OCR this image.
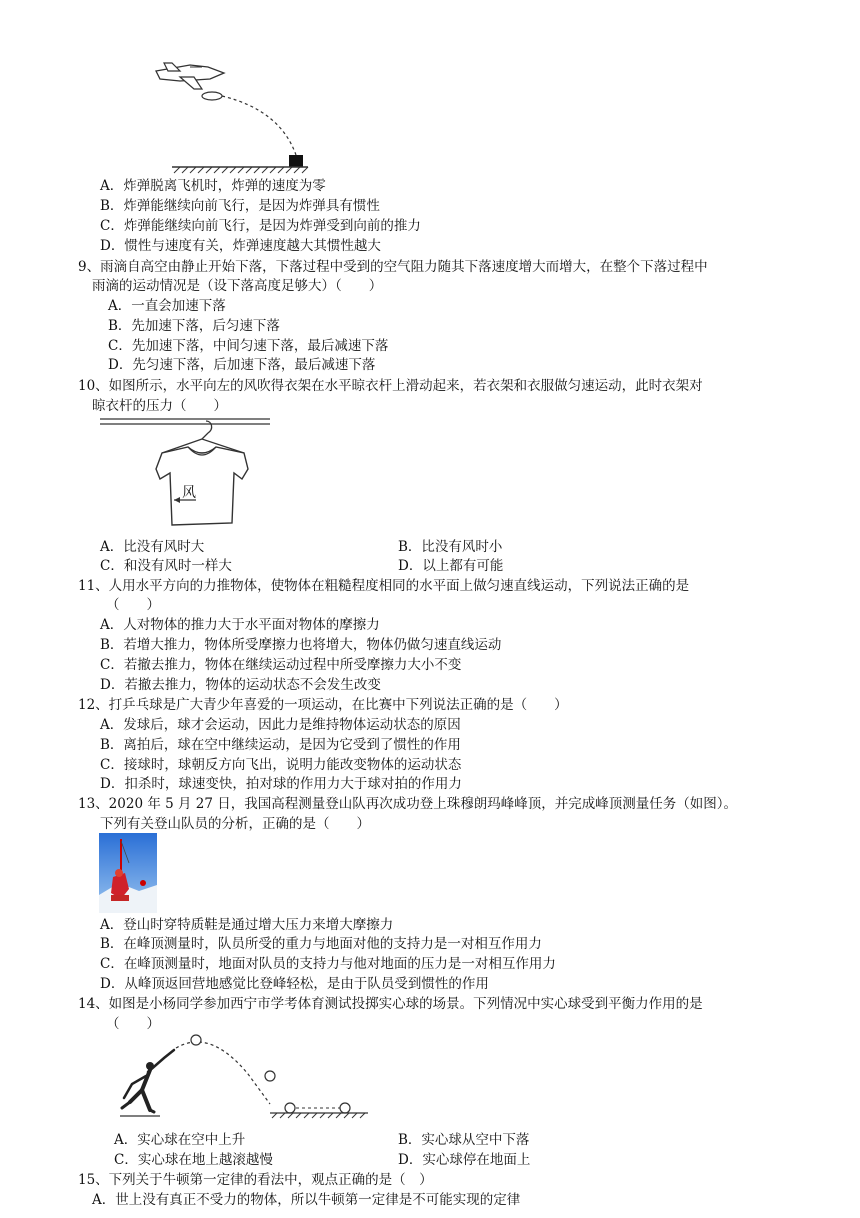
A．炸弹脱离飞机时，炸弹的速度为零
B．炸弹能继续向前飞行，是因为炸弹具有惯性
C．炸弹能继续向前飞行，是因为炸弹受到向前的推力
D．惯性与速度有关，炸弹速度越大其惯性越大
9、雨滴自高空由静止开始下落，下落过程中受到的空气阻力随其下落速度增大而增大，在整个下落过程中
雨滴的运动情况是（设下落高度足够大）（　　）
A．一直会加速下落
B．先加速下落，后匀速下落
C．先加速下落，中间匀速下落，最后减速下落
D．先匀速下落，后加速下落，最后减速下落
10、如图所示，水平向左的风吹得衣架在水平晾衣杆上滑动起来，若衣架和衣服做匀速运动，此时衣架对
晾衣杆的压力（　　）
风
A．比没有风时大	B．比没有风时小
C．和没有风时一样大	D．以上都有可能
11、人用水平方向的力推物体，使物体在粗糙程度相同的水平面上做匀速直线运动，下列说法正确的是
（　　）
A．人对物体的推力大于水平面对物体的摩擦力
B．若增大推力，物体所受摩擦力也将增大，物体仍做匀速直线运动
C．若撤去推力，物体在继续运动过程中所受摩擦力大小不变
D．若撤去推力，物体的运动状态不会发生改变
12、打乒乓球是广大青少年喜爱的一项运动，在比赛中下列说法正确的是（　　）
A．发球后，球才会运动，因此力是维持物体运动状态的原因
B．离拍后，球在空中继续运动，是因为它受到了惯性的作用
C．接球时，球朝反方向飞出，说明力能改变物体的运动状态
D．扣杀时，球速变快，拍对球的作用力大于球对拍的作用力
13、2020 年 5 月 27 日，我国高程测量登山队再次成功登上珠穆朗玛峰峰顶，并完成峰顶测量任务（如图）。
下列有关登山队员的分析，正确的是（　　）
A．登山时穿特质鞋是通过增大压力来增大摩擦力
B．在峰顶测量时，队员所受的重力与地面对他的支持力是一对相互作用力
C．在峰顶测量时，地面对队员的支持力与他对地面的压力是一对相互作用力
D．从峰顶返回营地感觉比登峰轻松，是由于队员受到惯性的作用
14、如图是小杨同学参加西宁市学考体育测试投掷实心球的场景。下列情况中实心球受到平衡力作用的是
（　　）
A．实心球在空中上升	B．实心球从空中下落
C．实心球在地上越滚越慢	D．实心球停在地面上
15、下列关于牛顿第一定律的看法中，观点正确的是（　）
A．世上没有真正不受力的物体，所以牛顿第一定律是不可能实现的定律
